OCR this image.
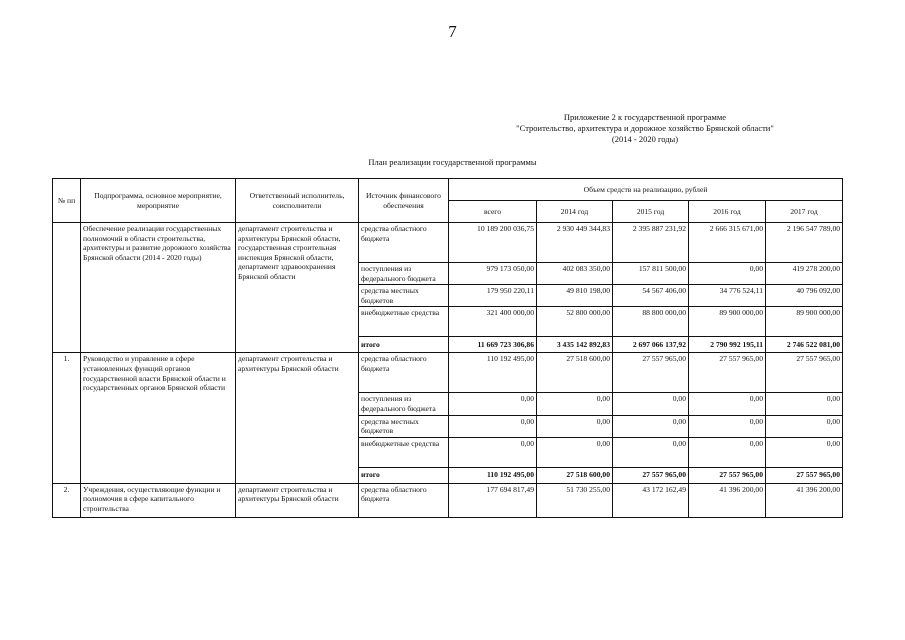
7
Приложение 2 к государственной программе
"Строительство, архитектура и дорожное хозяйство Брянской области"
(2014 - 2020 годы)
План реализации государственной программы
№ пп	Подпрограмма, основное мероприятие, мероприятие	Ответственный исполнитель, соисполнители	Источник финансового обеспечения	Объем средств на реализацию, рублей				
				всего	2014 год	2015 год	2016 год	2017 год
	Обеспечение реализации государственных полномочий в области строительства, архитектуры и развитие дорожного хозяйства Брянской области (2014 - 2020 годы)	департамент строительства и архитектуры Брянской области, государственная строительная инспекция Брянской области, департамент здравоохранения Брянской области	средства областного бюджета	10 189 200 036,75	2 930 449 344,83	2 395 887 231,92	2 666 315 671,00	2 196 547 789,00
			поступления из федерального бюджета	979 173 050,00	402 083 350,00	157 811 500,00	0,00	419 278 200,00
			средства местных бюджетов	179 950 220,11	49 810 198,00	54 567 406,00	34 776 524,11	40 796 092,00
			внебюджетные средства	321 400 000,00	52 800 000,00	88 800 000,00	89 900 000,00	89 900 000,00
			итого	11 669 723 306,86	3 435 142 892,83	2 697 066 137,92	2 790 992 195,11	2 746 522 081,00
1.	Руководство и управление в сфере установленных функций органов государственной власти Брянской области и государственных органов Брянской области	департамент строительства и архитектуры Брянской области	средства областного бюджета	110 192 495,00	27 518 600,00	27 557 965,00	27 557 965,00	27 557 965,00
			поступления из федерального бюджета	0,00	0,00	0,00	0,00	0,00
			средства местных бюджетов	0,00	0,00	0,00	0,00	0,00
			внебюджетные средства	0,00	0,00	0,00	0,00	0,00
			итого	110 192 495,00	27 518 600,00	27 557 965,00	27 557 965,00	27 557 965,00
2.	Учреждения, осуществляющие функции и полномочия в сфере капитального строительства	департамент строительства и архитектуры Брянской области	средства областного бюджета	177 694 817,49	51 730 255,00	43 172 162,49	41 396 200,00	41 396 200,00
